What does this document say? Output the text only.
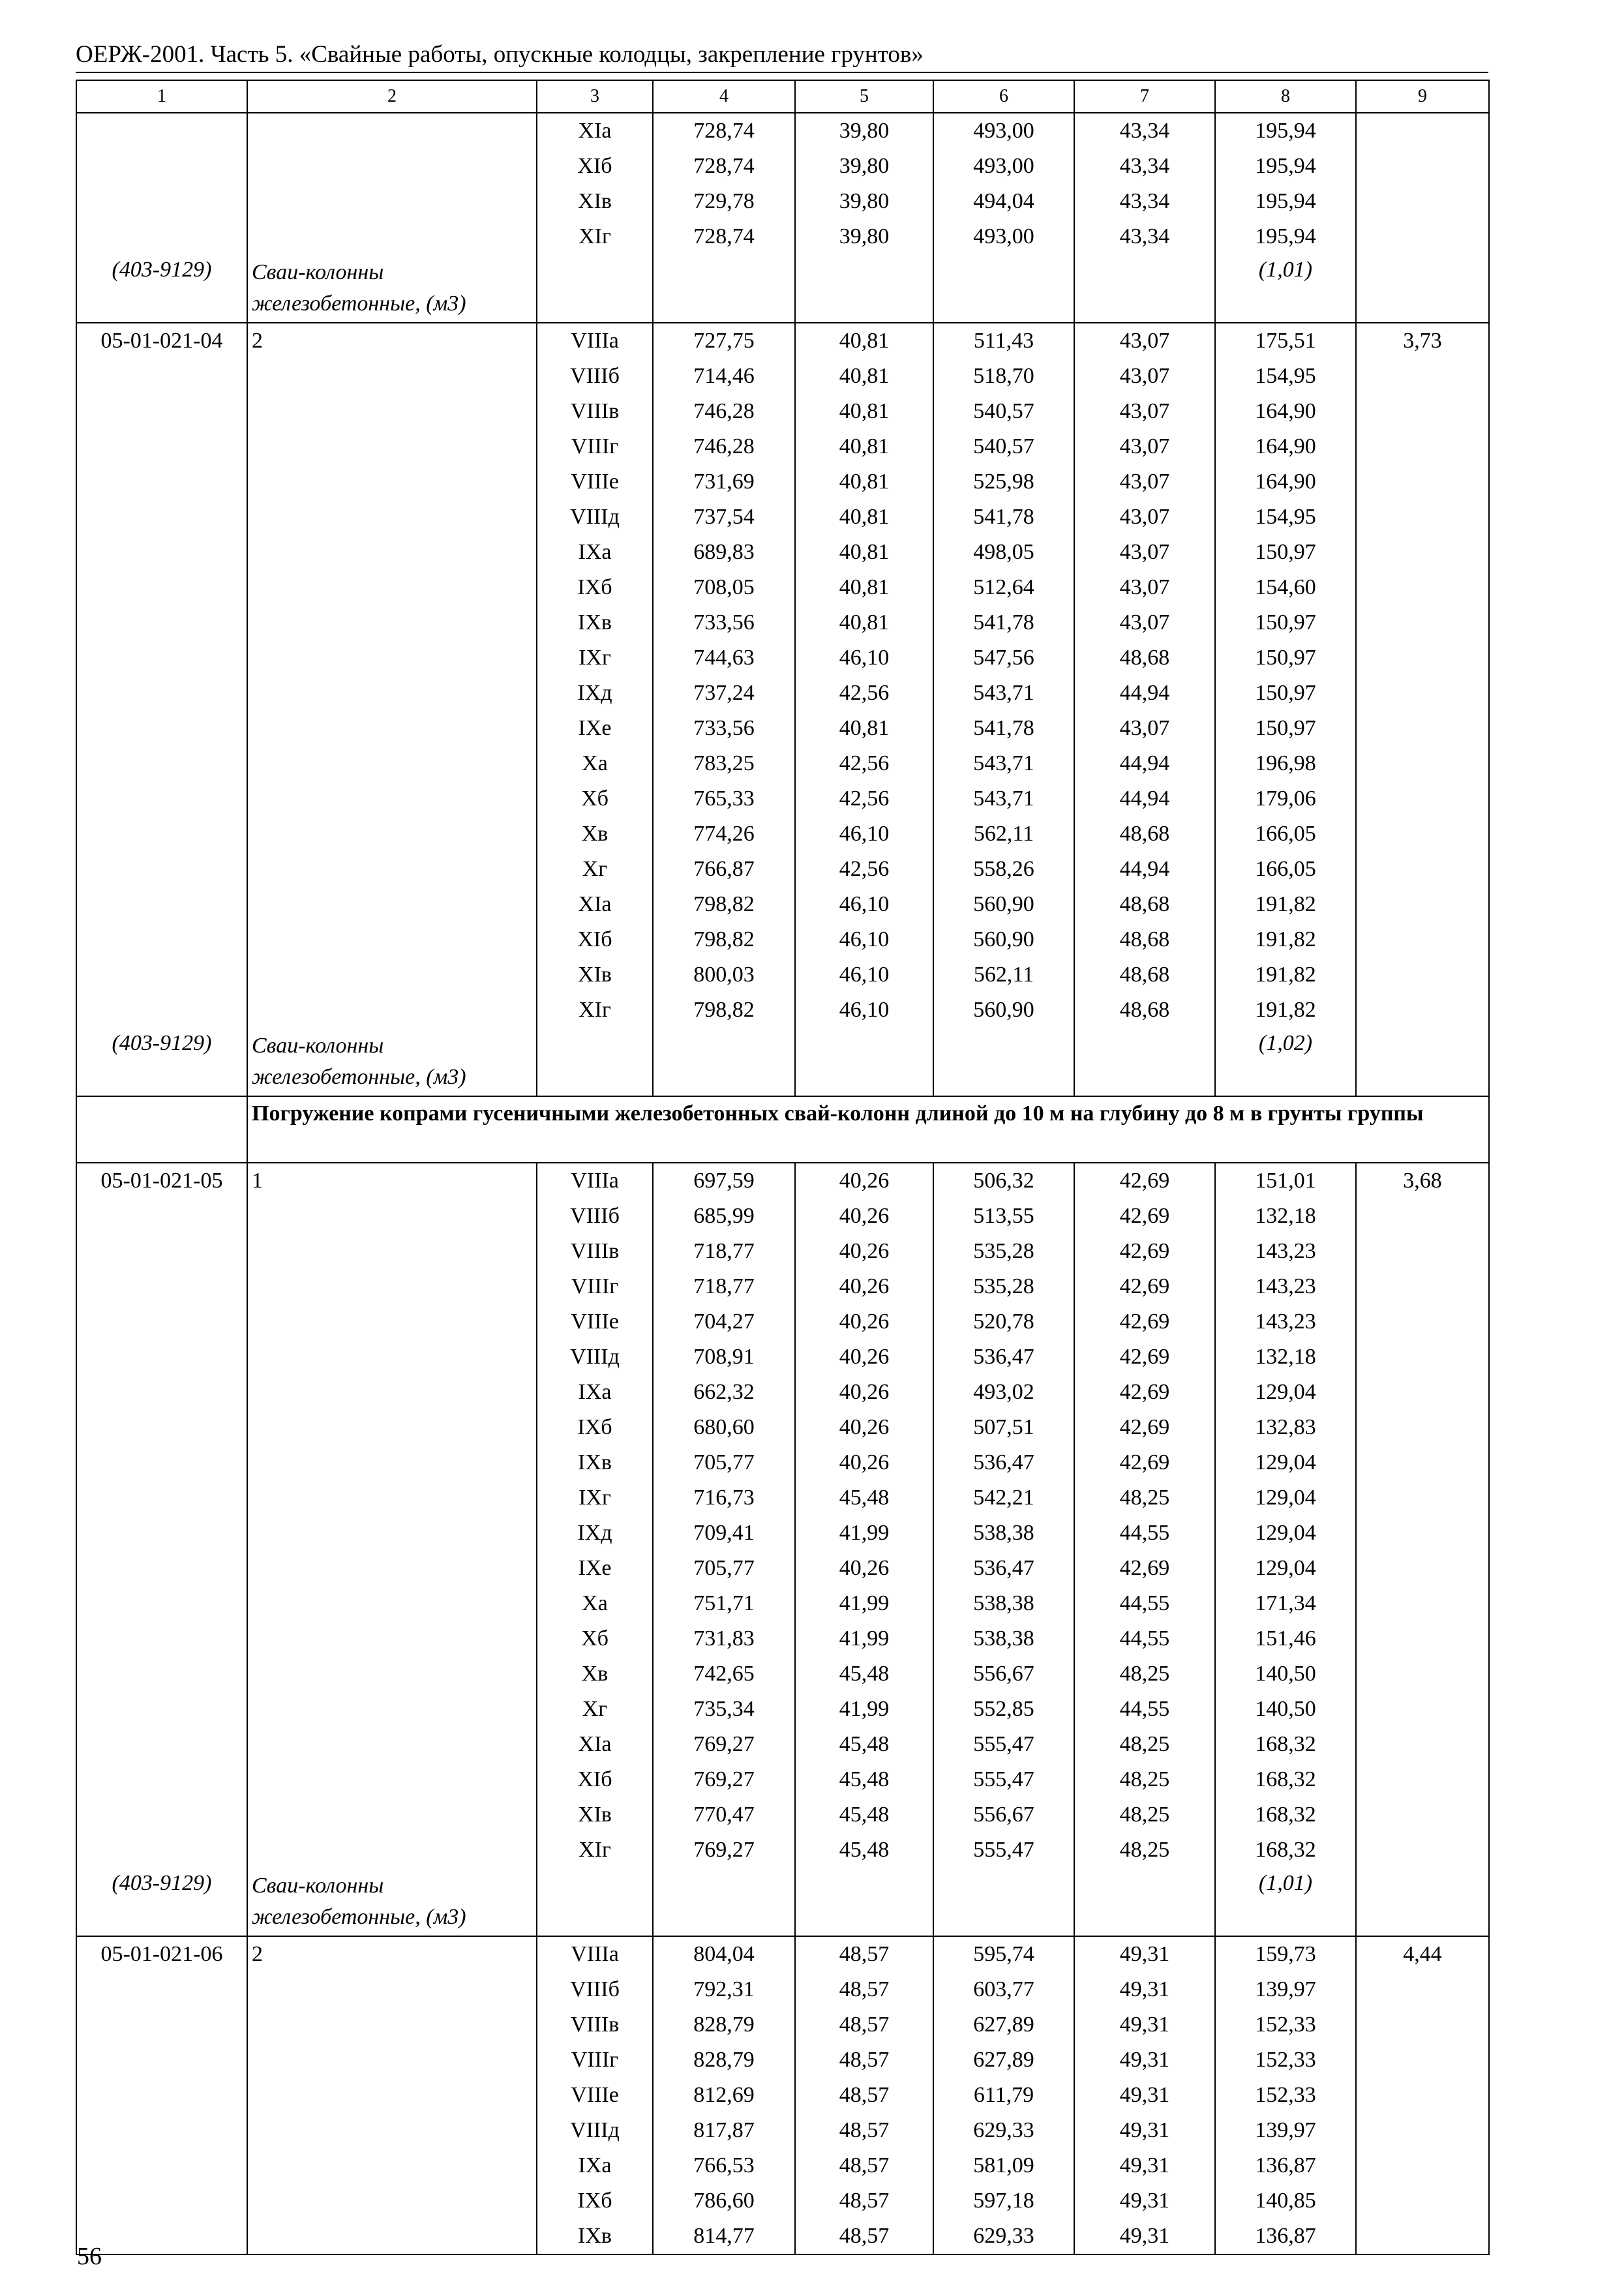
ОЕРЖ-2001. Часть 5. «Свайные работы, опускные колодцы, закрепление грунтов»
1	2	3	4	5	6	7	8	9
		XIа	728,74	39,80	493,00	43,34	195,94	
		XIб	728,74	39,80	493,00	43,34	195,94	
		XIв	729,78	39,80	494,04	43,34	195,94	
		XIг	728,74	39,80	493,00	43,34	195,94	
(403-9129)	Сваи-колонны железобетонные, (м3)						(1,01)	
05-01-021-04	2	VIIIа	727,75	40,81	511,43	43,07	175,51	3,73
		VIIIб	714,46	40,81	518,70	43,07	154,95	
		VIIIв	746,28	40,81	540,57	43,07	164,90	
		VIIIг	746,28	40,81	540,57	43,07	164,90	
		VIIIе	731,69	40,81	525,98	43,07	164,90	
		VIIIд	737,54	40,81	541,78	43,07	154,95	
		IXа	689,83	40,81	498,05	43,07	150,97	
		IXб	708,05	40,81	512,64	43,07	154,60	
		IXв	733,56	40,81	541,78	43,07	150,97	
		IXг	744,63	46,10	547,56	48,68	150,97	
		IXд	737,24	42,56	543,71	44,94	150,97	
		IXе	733,56	40,81	541,78	43,07	150,97	
		Xа	783,25	42,56	543,71	44,94	196,98	
		Xб	765,33	42,56	543,71	44,94	179,06	
		Xв	774,26	46,10	562,11	48,68	166,05	
		Xг	766,87	42,56	558,26	44,94	166,05	
		XIа	798,82	46,10	560,90	48,68	191,82	
		XIб	798,82	46,10	560,90	48,68	191,82	
		XIв	800,03	46,10	562,11	48,68	191,82	
		XIг	798,82	46,10	560,90	48,68	191,82	
(403-9129)	Сваи-колонны железобетонные, (м3)						(1,02)	
	Погружение копрами гусеничными железобетонных свай-колонн длиной до 10 м на глубину до 8 м в грунты группы							
05-01-021-05	1	VIIIа	697,59	40,26	506,32	42,69	151,01	3,68
		VIIIб	685,99	40,26	513,55	42,69	132,18	
		VIIIв	718,77	40,26	535,28	42,69	143,23	
		VIIIг	718,77	40,26	535,28	42,69	143,23	
		VIIIе	704,27	40,26	520,78	42,69	143,23	
		VIIIд	708,91	40,26	536,47	42,69	132,18	
		IXа	662,32	40,26	493,02	42,69	129,04	
		IXб	680,60	40,26	507,51	42,69	132,83	
		IXв	705,77	40,26	536,47	42,69	129,04	
		IXг	716,73	45,48	542,21	48,25	129,04	
		IXд	709,41	41,99	538,38	44,55	129,04	
		IXе	705,77	40,26	536,47	42,69	129,04	
		Xа	751,71	41,99	538,38	44,55	171,34	
		Xб	731,83	41,99	538,38	44,55	151,46	
		Xв	742,65	45,48	556,67	48,25	140,50	
		Xг	735,34	41,99	552,85	44,55	140,50	
		XIа	769,27	45,48	555,47	48,25	168,32	
		XIб	769,27	45,48	555,47	48,25	168,32	
		XIв	770,47	45,48	556,67	48,25	168,32	
		XIг	769,27	45,48	555,47	48,25	168,32	
(403-9129)	Сваи-колонны железобетонные, (м3)						(1,01)	
05-01-021-06	2	VIIIа	804,04	48,57	595,74	49,31	159,73	4,44
		VIIIб	792,31	48,57	603,77	49,31	139,97	
		VIIIв	828,79	48,57	627,89	49,31	152,33	
		VIIIг	828,79	48,57	627,89	49,31	152,33	
		VIIIе	812,69	48,57	611,79	49,31	152,33	
		VIIIд	817,87	48,57	629,33	49,31	139,97	
		IXа	766,53	48,57	581,09	49,31	136,87	
		IXб	786,60	48,57	597,18	49,31	140,85	
		IXв	814,77	48,57	629,33	49,31	136,87	
56
